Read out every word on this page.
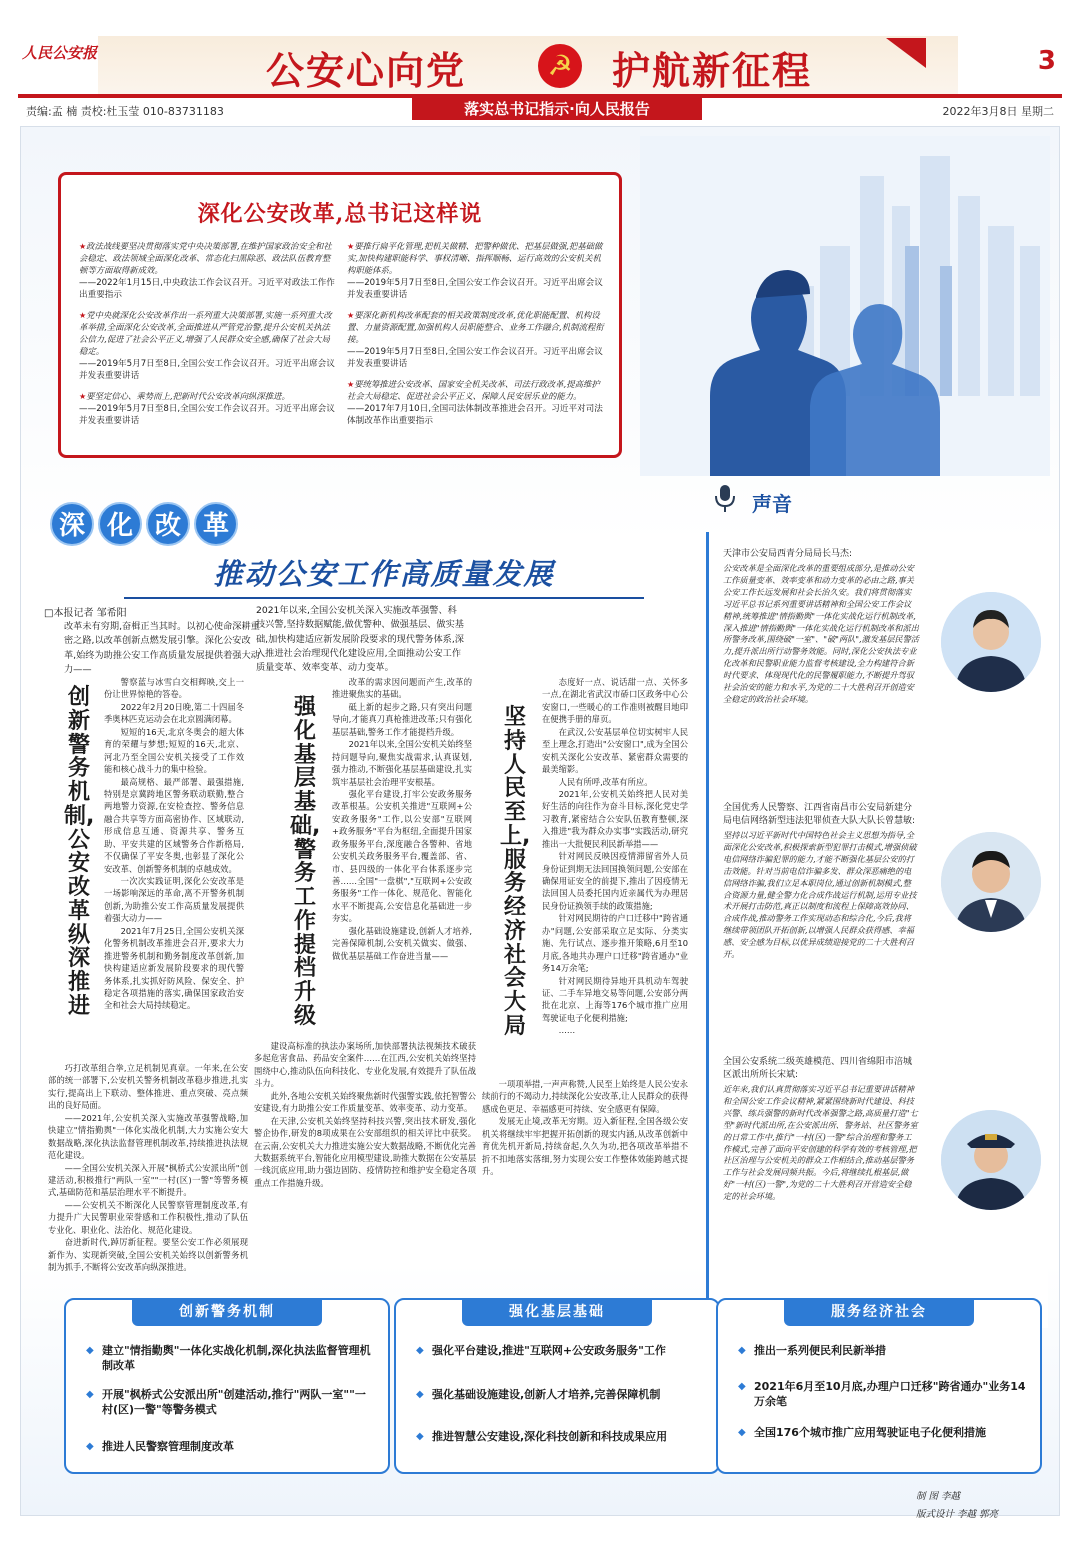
人民公安报	公安心向党	☭ 护航新征程	3
责编:孟 楠 责校:杜玉莹 010-83731183	落实总书记指示·向人民报告	2022年3月8日 星期二
深化公安改革,总书记这样说
★政法战线要坚决贯彻落实党中央决策部署,在维护国家政治安全和社会稳定、政法领域全面深化改革、常态化扫黑除恶、政法队伍教育整顿等方面取得新成效。
——2022年1月15日,中央政法工作会议召开。习近平对政法工作作出重要指示
★党中央就深化公安改革作出一系列重大决策部署,实施一系列重大改革举措,全面深化公安改革,全面推进从严管党治警,提升公安机关执法公信力,促进了社会公平正义,增强了人民群众安全感,确保了社会大局稳定。
——2019年5月7日至8日,全国公安工作会议召开。习近平出席会议并发表重要讲话
★要坚定信心、乘势而上,把新时代公安改革向纵深推进。
——2019年5月7日至8日,全国公安工作会议召开。习近平出席会议并发表重要讲话
★要推行扁平化管理,把机关做精、把警种做优、把基层做强,把基础做实,加快构建职能科学、事权清晰、指挥顺畅、运行高效的公安机关机构职能体系。
——2019年5月7日至8日,全国公安工作会议召开。习近平出席会议并发表重要讲话
★要深化新机构改革配套的相关政策制度改革,优化职能配置、机构设置、力量资源配置,加强机构人员职能整合、业务工作融合,机制流程衔接。
——2019年5月7日至8日,全国公安工作会议召开。习近平出席会议并发表重要讲话
★要统筹推进公安改革、国家安全机关改革、司法行政改革,提高维护社会大局稳定、促进社会公平正义、保障人民安居乐业的能力。
——2017年7月10日,全国司法体制改革推进会召开。习近平对司法体制改革作出重要指示
深 化 改 革
推动公安工作高质量发展
□本报记者 邹希阳
改革未有穷期,奋楫正当其时。以初心使命深耕重密之路,以改革创新点燃发展引擎。深化公安改革,始终为助推公安工作高质量发展提供着强大动力——
2021年以来,全国公安机关深入实施改革强警、科技兴警,坚持数据赋能,做优警种、做强基层、做实基础,加快构建适应新发展阶段要求的现代警务体系,深入推进社会治理现代化建设应用,全面推动公安工作质量变革、效率变革、动力变革。
创新警务机制,公安改革纵深推进

警察蓝与冰雪白交相辉映,交上一份让世界惊艳的答卷。

2022年2月20日晚,第二十四届冬季奥林匹克运动会在北京圆满闭幕。

短短的16天,北京冬奥会的超大体育的荣耀与梦想;短短的16天,北京、河北乃至全国公安机关接受了工作效能和核心战斗力的集中检验。

最高规格、最严部署、最强措施,特别是京冀跨地区警务联动联勤,整合两地警力资源,在安检查控、警务信息融合共享等方面高密协作、区域联动,形成信息互通、资源共享、警务互助、平安共建的区域警务合作新格局,不仅确保了平安冬奥,也彰显了深化公安改革、创新警务机制的卓越成效。

一次次实践证明,深化公安改革是一场影响深远的革命,离不开警务机制创新,为助推公安工作高质量发展提供着强大动力——

2021年7月25日,全国公安机关深化警务机制改革推进会召开,要求大力推进警务机制和勤务制度改革创新,加快构建适应新发展阶段要求的现代警务体系,扎实抓好防风险、保安全、护稳定各项措施的落实,确保国家政治安全和社会大局持续稳定。

巧打改革组合拳,立足机制见真章。一年来,在公安部的统一部署下,公安机关警务机制改革稳步推进,扎实实行,提高出上下联动、整体推进、重点突破、亮点频出的良好局面。

——2021年,公安机关深入实施改革强警战略,加快建立"情指勤舆"一体化实战化机制,大力实施公安大数据战略,深化执法监督管理机制改革,持续推进执法规范化建设。

——全国公安机关深入开展"枫桥式公安派出所"创建活动,积极推行"两队一室""一村(区)一警"等警务模式,基础防范和基层治理水平不断提升。

——公安机关不断深化人民警察管理制度改革,有力提升广大民警职业荣誉感和工作积极性,推动了队伍专业化、职业化、法治化、规范化建设。

奋进新时代,踔厉新征程。要坚公安工作必须展现新作为、实现新突破,全国公安机关始终以创新警务机制为抓手,不断将公安改革向纵深推进。

强化基层基础,警务工作提档升级

改革的需求因问题而产生,改革的推进聚焦实的基础。

砥上新的起步之路,只有突出问题导向,才能真刀真枪推进改革;只有强化基层基础,警务工作才能提档升级。

2021年以来,全国公安机关始终坚持问题导向,聚焦实战需求,认真谋划,强力推动,不断强化基层基础建设,扎实筑牢基层社会治理平安根基。

强化平台建设,打牢公安政务服务改革根基。公安机关推进"互联网+公安政务服务"工作,以公安部"互联网+政务服务"平台为枢纽,全面提升国家政务服务平台,深度融合各警种、省地公安机关政务服务平台,覆盖部、省、市、县四级的一体化平台体系逐步完善……全国"一盘棋","互联网+公安政务服务"工作一体化、规范化、智能化水平不断提高,公安信息化基础进一步夯实。

强化基础设施建设,创新人才培养,完善保障机制,公安机关做实、做强、做优基层基础工作奋进当量——

建设高标准的执法办案场所,加快部署执法视频技术破获多起危害食品、药品安全案件……在江西,公安机关始终坚持围绕中心,推动队伍向科技化、专业化发展,有效提升了队伍战斗力。

此外,各地公安机关始终聚焦新时代强警实践,依托智警公安建设,有力助推公安工作质量变革、效率变革、动力变革。

在天津,公安机关始终坚持科技兴警,突出技术研发,强化警企协作,研发的8项成果在公安部组织的相关评比中获奖。在云南,公安机关大力推进实施公安大数据战略,不断优化完善大数据系统平台,智能化应用模型建设,助推大数据在公安基层一线沉底应用,助力强边固防、疫情防控和维护安全稳定各项重点工作措施升级。

坚持人民至上,服务经济社会大局

态度好一点、说话甜一点、关怀多一点,在湖北省武汉市硚口区政务中心公安窗口,一些暖心的工作准则被醒目地印在便携手册的扉页。

在武汉,公安基层单位切实树牢人民至上理念,打造出"公安窗口",成为全国公安机关深化公安改革、紧密群众需要的最美缩影。

人民有所呼,改革有所应。

2021年,公安机关始终把人民对美好生活的向往作为奋斗目标,深化党史学习教育,紧密结合公安队伍教育整顿,深入推进"我为群众办实事"实践活动,研究推出一大批便民利民新举措——

针对网民反映因疫情滞留省外人员身份证到期无法回国换领问题,公安部在确保用证安全的前提下,推出了因疫情无法回国人员委托国内近亲属代为办理居民身份证换领手续的政策措施;

针对网民期待的户口迁移中"跨省通办"问题,公安部采取立足实际、分类实施、先行试点、逐步推开策略,6月至10月底,各地共办理户口迁移"跨省通办"业务14万余笔;

针对网民期待异地开具机动车驾驶证、二手车异地交易等问题,公安部分两批在北京、上海等176个城市推广应用驾驶证电子化便利措施;

……

一项项举措,一声声称赞,人民至上始终是人民公安永续前行的不竭动力,持续深化公安改革,让人民群众的获得感成色更足、幸福感更可持续、安全感更有保障。

发展无止境,改革无穷期。迈入新征程,全国各级公安机关将继续牢牢把握开拓创新的现实内涵,从改革创新中育优先机开新局,持续奋起,久久为功,把各项改革举措不折不扣地落实落细,努力实现公安工作整体效能跨越式提升。

声音
天津市公安局西青分局局长马杰:
公安改革是全面深化改革的重要组成部分,是推动公安工作质量变革、效率变革和动力变革的必由之路,事关公安工作长远发展和社会长治久安。我们将贯彻落实习近平总书记系列重要讲话精神和全国公安工作会议精神,统筹推进"情指勤舆"一体化实战化运行机制改革,深入推进"情指勤舆"一体化实战化运行机制改革和派出所警务改革,围绕破"一室"、"破"两队",激发基层民警活力,提升派出所行动警务效能。同时,深化公安执法专业化改革和民警职业能力监督考核建设,全力构建符合新时代要求、体现现代化的民警履职能力,不断提升驾驭社会治安的能力和水平,为党的二十大胜利召开创造安全稳定的政治社会环境。
全国优秀人民警察、江西省南昌市公安局新建分局电信网络新型违法犯罪侦查大队大队长曾慧敏:
坚持以习近平新时代中国特色社会主义思想为指导,全面深化公安改革,积极探索新型犯罪打击模式,增强侦破电信网络诈骗犯罪的能力,才能不断强化基层公安的打击效能。针对当前电信诈骗多发、群众深恶痛绝的电信网络诈骗,我们立足本职岗位,通过创新机制模式,整合资源力量,健全警力化合成作战运行机制,运用专业技术开展打击防范,真正以制度和流程上保障高效协同、合成作战,推动警务工作实现动态和综合化,今后,我将继续带领团队开拓创新,以增强人民群众获得感、幸福感、安全感为目标,以优异成绩迎接党的二十大胜利召开。
全国公安系统二级英雄模范、四川省绵阳市涪城区派出所所长宋斌:
近年来,我们认真贯彻落实习近平总书记重要讲话精神和全国公安工作会议精神,紧紧围绕新时代建设、科技兴警、练兵强警的新时代改革强警之路,高质量打造"七型"新时代派出所,在公安派出所、警务站、社区警务室的日常工作中,推行"一村(区)一警"综合治理和警务工作模式,完善了面向平安创建的科学有效的考核管理,把社区治理与公安机关的群众工作相结合,推动基层警务工作与社会发展同频共振。今后,将继续扎根基层,做好"一村(区)一警",为党的二十大胜利召开营造安全稳定的社会环境。
创新警务机制
◆ 建立"情指勤舆"一体化实战化机制,深化执法监督管理机制改革
◆ 开展"枫桥式公安派出所"创建活动,推行"两队一室""一村(区)一警"等警务模式
◆ 推进人民警察管理制度改革
强化基层基础
◆ 强化平台建设,推进"互联网+公安政务服务"工作
◆ 强化基础设施建设,创新人才培养,完善保障机制
◆ 推进智慧公安建设,深化科技创新和科技成果应用
服务经济社会
◆ 推出一系列便民利民新举措
◆ 2021年6月至10月底,办理户口迁移"跨省通办"业务14万余笔
◆ 全国176个城市推广应用驾驶证电子化便利措施
制 图 李越
版式设计 李越 郭亮
